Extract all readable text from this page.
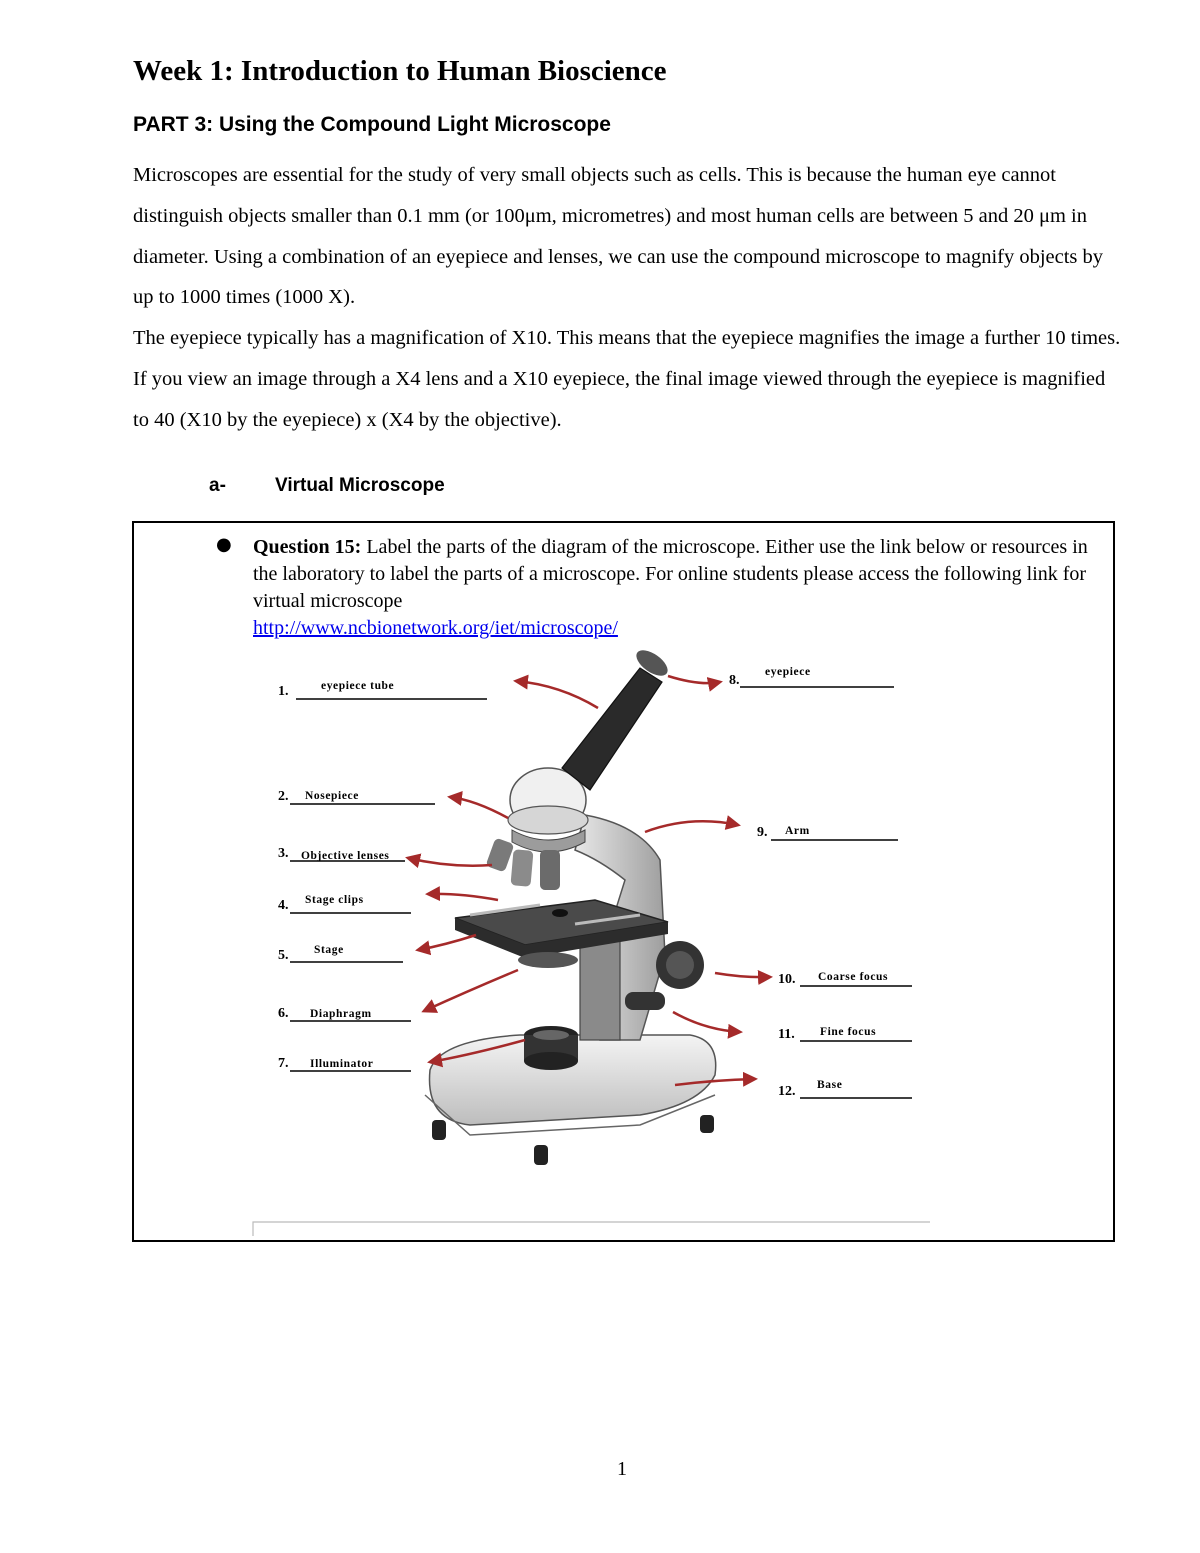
Week 1: Introduction to Human Bioscience
PART 3: Using the Compound Light Microscope

Microscopes are essential for the study of very small objects such as cells. This is because the human eye cannot distinguish objects smaller than 0.1 mm (or 100μm, micrometres) and most human cells are between 5 and 20 μm in diameter. Using a combination of an eyepiece and lenses, we can use the compound microscope to magnify objects by up to 1000 times (1000 X).

The eyepiece typically has a magnification of X10. This means that the eyepiece magnifies the image a further 10 times. If you view an image through a X4 lens and a X10 eyepiece, the final image viewed through the eyepiece is magnified to 40 (X10 by the eyepiece) x (X4 by the objective).

a-	Virtual Microscope
● Question 15: Label the parts of the diagram of the microscope. Either use the link below or resources in the laboratory to label the parts of a microscope. For online students please access the following link for virtual microscope
http://www.ncbionetwork.org/iet/microscope/
1.	eyepiece tube
2. Nosepiece
3. Objective lenses
4. Stage clips
5. Stage
6. Diaphragm
7. Illuminator
8.
eyepiece
9. Arm
10. Coarse focus
11. Fine focus
12. Base
1
